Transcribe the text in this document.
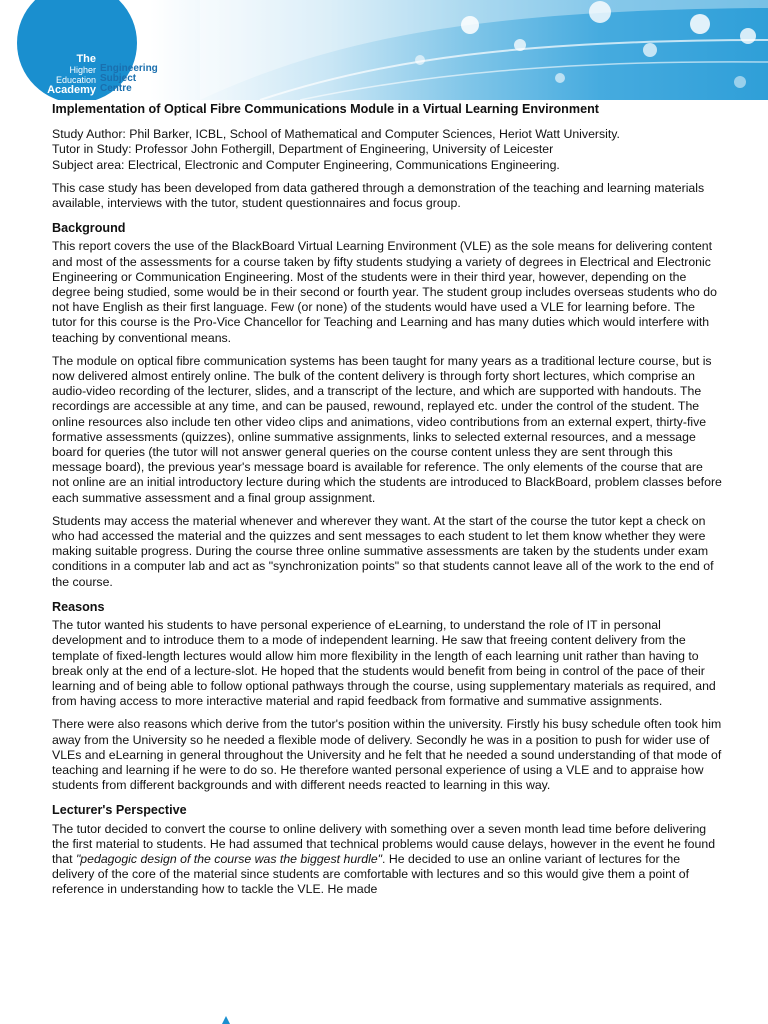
The
Higher
Education
Academy
Engineering
Subject
Centre
Implementation of Optical Fibre Communications Module in a Virtual Learning Environment
Study Author: Phil Barker, ICBL, School of Mathematical and Computer Sciences, Heriot Watt University.
Tutor in Study: Professor John Fothergill, Department of Engineering, University of Leicester
Subject area: Electrical, Electronic and Computer Engineering, Communications Engineering.

This case study has been developed from data gathered through a demonstration of the teaching and learning materials available, interviews with the tutor, student questionnaires and focus group.

Background

This report covers the use of the BlackBoard Virtual Learning Environment (VLE) as the sole means for delivering content and most of the assessments for a course taken by fifty students studying a variety of degrees in Electrical and Electronic Engineering or Communication Engineering. Most of the students were in their third year, however, depending on the degree being studied, some would be in their second or fourth year. The student group includes overseas students who do not have English as their first language. Few (or none) of the students would have used a VLE for learning before. The tutor for this course is the Pro-Vice Chancellor for Teaching and Learning and has many duties which would interfere with teaching by conventional means.

The module on optical fibre communication systems has been taught for many years as a traditional lecture course, but is now delivered almost entirely online. The bulk of the content delivery is through forty short lectures, which comprise an audio-video recording of the lecturer, slides, and a transcript of the lecture, and which are supported with handouts. The recordings are accessible at any time, and can be paused, rewound, replayed etc. under the control of the student. The online resources also include ten other video clips and animations, video contributions from an external expert, thirty-five formative assessments (quizzes), online summative assignments, links to selected external resources, and a message board for queries (the tutor will not answer general queries on the course content unless they are sent through this message board), the previous year's message board is available for reference. The only elements of the course that are not online are an initial introductory lecture during which the students are introduced to BlackBoard, problem classes before each summative assessment and a final group assignment.

Students may access the material whenever and wherever they want. At the start of the course the tutor kept a check on who had accessed the material and the quizzes and sent messages to each student to let them know whether they were making suitable progress. During the course three online summative assessments are taken by the students under exam conditions in a computer lab and act as "synchronization points" so that students cannot leave all of the work to the end of the course.

Reasons

The tutor wanted his students to have personal experience of eLearning, to understand the role of IT in personal development and to introduce them to a mode of independent learning. He saw that freeing content delivery from the template of fixed-length lectures would allow him more flexibility in the length of each learning unit rather than having to break only at the end of a lecture-slot. He hoped that the students would benefit from being in control of the pace of their learning and of being able to follow optional pathways through the course, using supplementary materials as required, and from having access to more interactive material and rapid feedback from formative and summative assignments.

There were also reasons which derive from the tutor's position within the university. Firstly his busy schedule often took him away from the University so he needed a flexible mode of delivery. Secondly he was in a position to push for wider use of VLEs and eLearning in general throughout the University and he felt that he needed a sound understanding of that mode of teaching and learning if he were to do so. He therefore wanted personal experience of using a VLE and to appraise how students from different backgrounds and with different needs reacted to learning in this way.

Lecturer's Perspective

The tutor decided to convert the course to online delivery with something over a seven month lead time before delivering the first material to students. He had assumed that technical problems would cause delays, however in the event he found that "pedagogic design of the course was the biggest hurdle". He decided to use an online variant of lectures for the delivery of the core of the material since students are comfortable with lectures and so this would give them a point of reference in understanding how to tackle the VLE. He made
